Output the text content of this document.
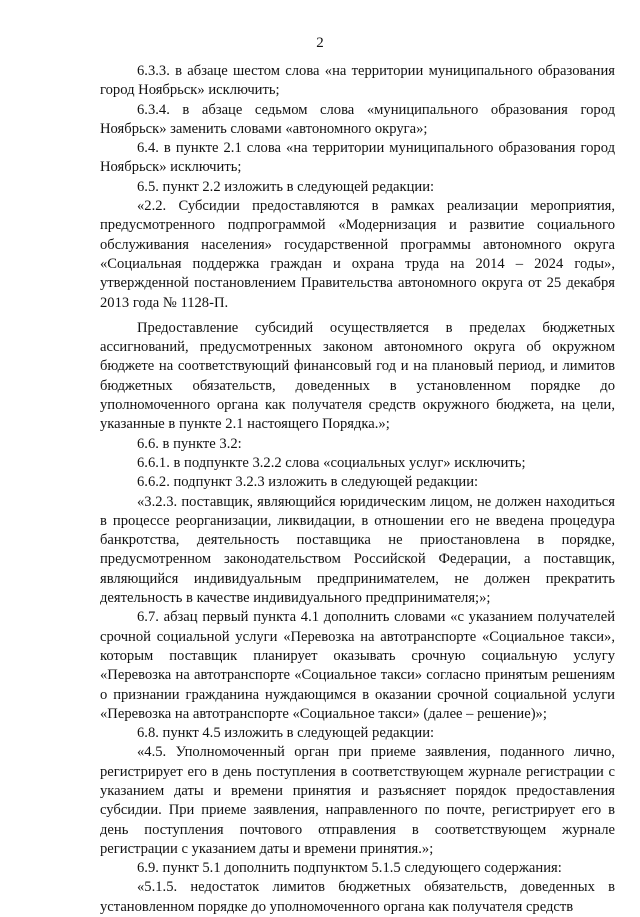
2

6.3.3. в абзаце шестом слова «на территории муниципального образования город Ноябрьск» исключить;

6.3.4. в абзаце седьмом слова «муниципального образования город Ноябрьск» заменить словами «автономного округа»;

6.4. в пункте 2.1 слова «на территории муниципального образования город Ноябрьск» исключить;

6.5. пункт 2.2 изложить в следующей редакции:

«2.2. Субсидии предоставляются в рамках реализации мероприятия, предусмотренного подпрограммой «Модернизация и развитие социального обслуживания населения» государственной программы автономного округа «Социальная поддержка граждан и охрана труда на 2014 – 2024 годы», утвержденной постановлением Правительства автономного округа от 25 декабря 2013 года № 1128-П.

Предоставление субсидий осуществляется в пределах бюджетных ассигнований, предусмотренных законом автономного округа об окружном бюджете на соответствующий финансовый год и на плановый период, и лимитов бюджетных обязательств, доведенных в установленном порядке до уполномоченного органа как получателя средств окружного бюджета, на цели, указанные в пункте 2.1 настоящего Порядка.»;

6.6. в пункте 3.2:

6.6.1. в подпункте 3.2.2 слова «социальных услуг» исключить;

6.6.2. подпункт 3.2.3 изложить в следующей редакции:

«3.2.3. поставщик, являющийся юридическим лицом, не должен находиться в процессе реорганизации, ликвидации, в отношении его не введена процедура банкротства, деятельность поставщика не приостановлена в порядке, предусмотренном законодательством Российской Федерации, а поставщик, являющийся индивидуальным предпринимателем, не должен прекратить деятельность в качестве индивидуального предпринимателя;»;

6.7. абзац первый пункта 4.1 дополнить словами «с указанием получателей срочной социальной услуги «Перевозка на автотранспорте «Социальное такси», которым поставщик планирует оказывать срочную социальную услугу «Перевозка на автотранспорте «Социальное такси» согласно принятым решениям о признании гражданина нуждающимся в оказании срочной социальной услуги «Перевозка на автотранспорте «Социальное такси» (далее – решение)»;

6.8. пункт 4.5 изложить в следующей редакции:

«4.5. Уполномоченный орган при приеме заявления, поданного лично, регистрирует его в день поступления в соответствующем журнале регистрации с указанием даты и времени принятия и разъясняет порядок предоставления субсидии. При приеме заявления, направленного по почте, регистрирует его в день поступления почтового отправления в соответствующем журнале регистрации с указанием даты и времени принятия.»;

6.9. пункт 5.1 дополнить подпунктом 5.1.5 следующего содержания:

«5.1.5. недостаток лимитов бюджетных обязательств, доведенных в установленном порядке до уполномоченного органа как получателя средств
